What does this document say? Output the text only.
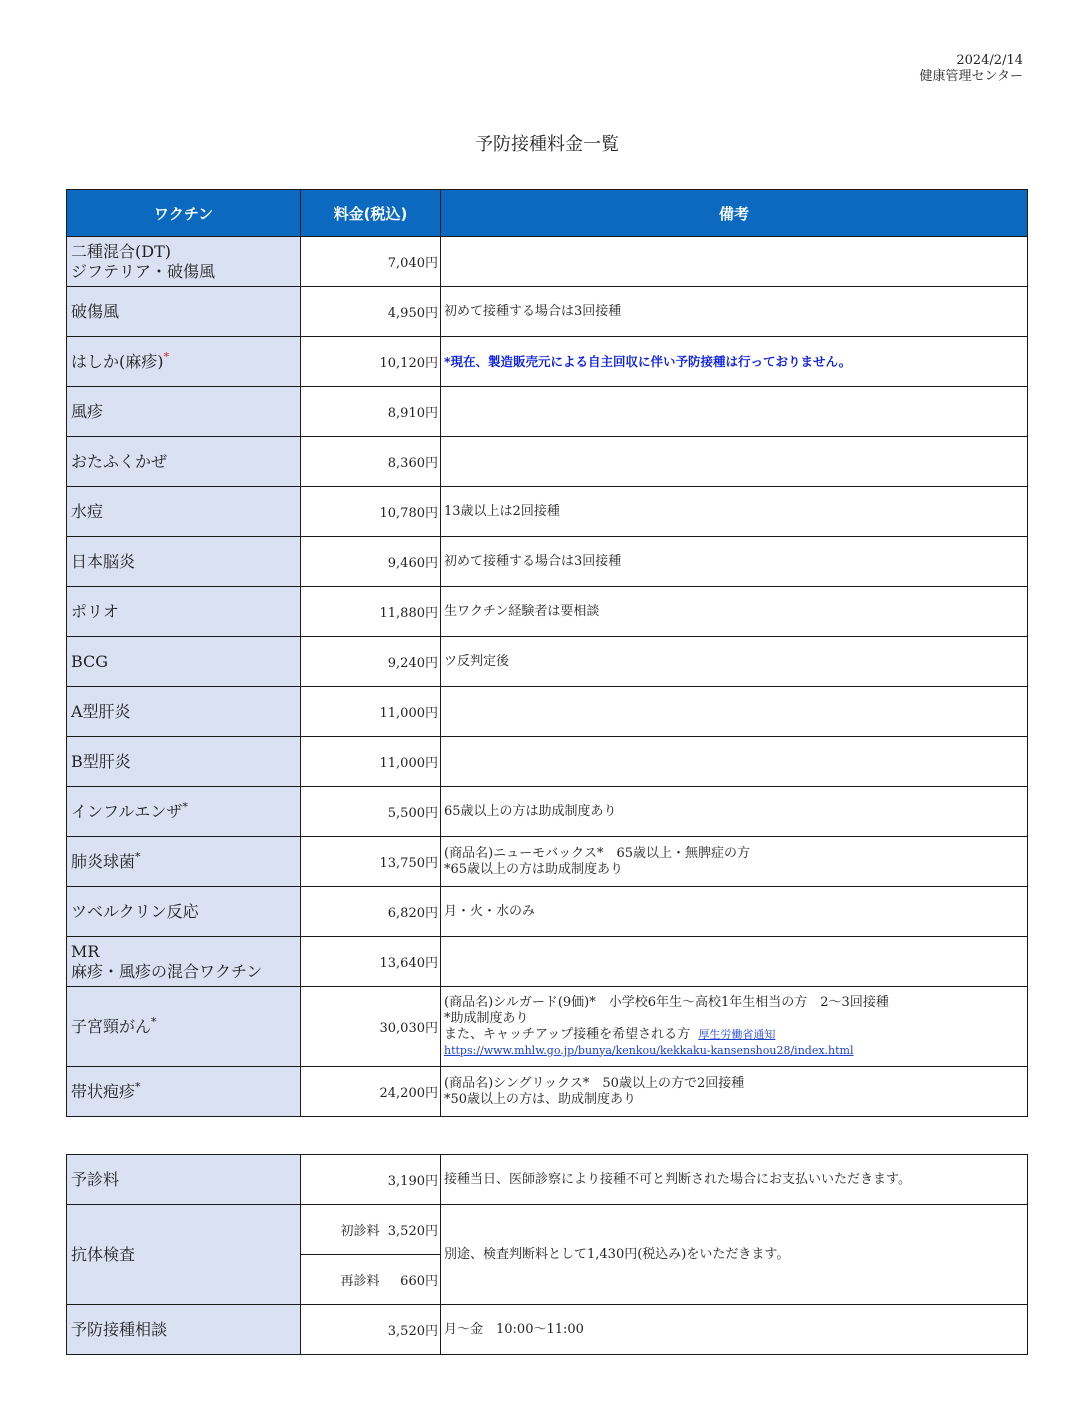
2024/2/14
健康管理センター
予防接種料金一覧
ワクチン	料金(税込)	備考
二種混合(DT)
ジフテリア・破傷風	7,040円	

破傷風	4,950円	初めて接種する場合は3回接種

はしか(麻疹)*	10,120円	*現在、製造販売元による自主回収に伴い予防接種は行っておりません。

風疹	8,910円	

おたふくかぜ	8,360円	

水痘	10,780円	13歳以上は2回接種

日本脳炎	9,460円	初めて接種する場合は3回接種

ポリオ	11,880円	生ワクチン経験者は要相談

BCG	9,240円	ツ反判定後

A型肝炎	11,000円	

B型肝炎	11,000円	

インフルエンザ*	5,500円	65歳以上の方は助成制度あり

肺炎球菌*	13,750円	(商品名)ニューモバックス*　65歳以上・無脾症の方
*65歳以上の方は助成制度あり

ツベルクリン反応	6,820円	月・火・水のみ

MR
麻疹・風疹の混合ワクチン	13,640円	

子宮頸がん*	30,030円	(商品名)シルガード(9価)*　小学校6年生～高校1年生相当の方　2～3回接種
*助成制度あり
また、キャッチアップ接種を希望される方 厚生労働省通知
https://www.mhlw.go.jp/bunya/kenkou/kekkaku-kansenshou28/index.html

帯状疱疹*	24,200円	(商品名)シングリックス*　50歳以上の方で2回接種
*50歳以上の方は、助成制度あり
予診料	3,190円	接種当日、医師診察により接種不可と判断された場合にお支払いいただきます。
抗体検査	初診料 3,520円	別途、検査判断料として1,430円(税込み)をいただきます。
	再診料 660円	
予防接種相談	3,520円	月～金　10:00～11:00
